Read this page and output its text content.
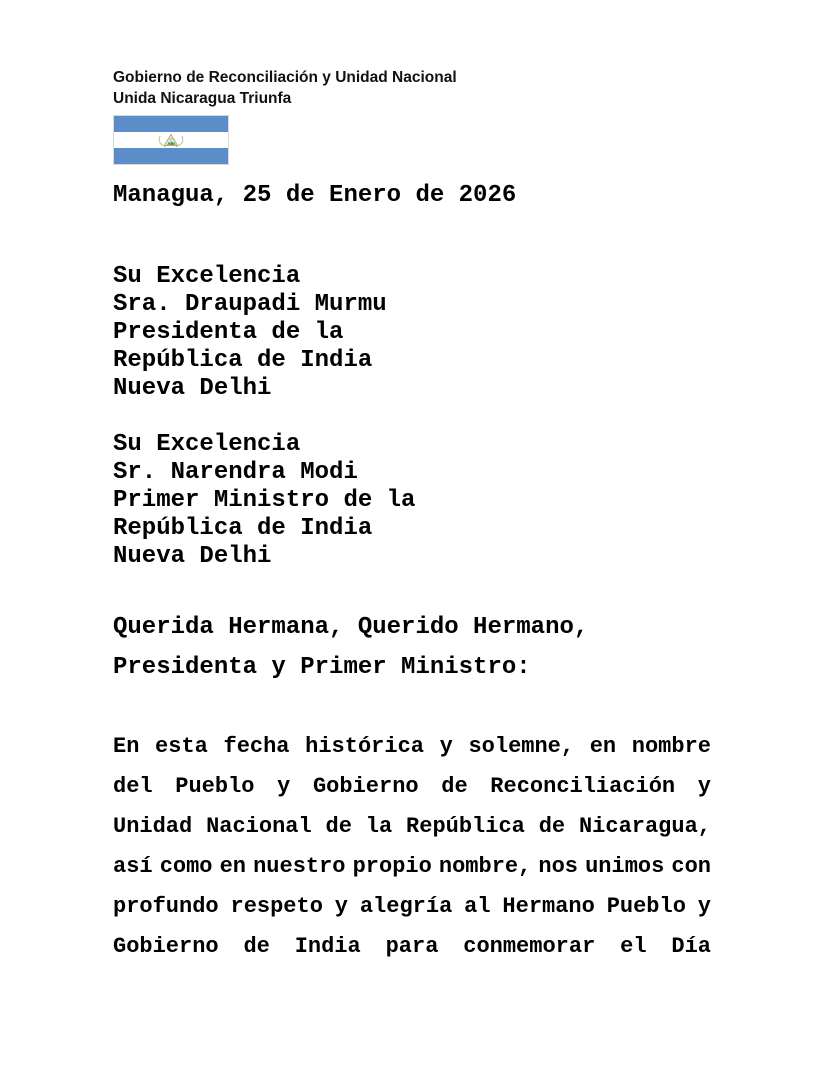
Gobierno de Reconciliación y Unidad Nacional
Unida Nicaragua Triunfa
Managua, 25 de Enero de 2026
Su Excelencia
Sra. Draupadi Murmu
Presidenta de la
República de India
Nueva Delhi
Su Excelencia
Sr. Narendra Modi
Primer Ministro de la
República de India
Nueva Delhi
Querida Hermana, Querido Hermano,
Presidenta y Primer Ministro:
En esta fecha histórica y solemne, en nombre
del Pueblo y Gobierno de Reconciliación y
Unidad Nacional de la República de Nicaragua,
así como en nuestro propio nombre, nos unimos con
profundo respeto y alegría al Hermano Pueblo y
Gobierno de India para conmemorar el Día
